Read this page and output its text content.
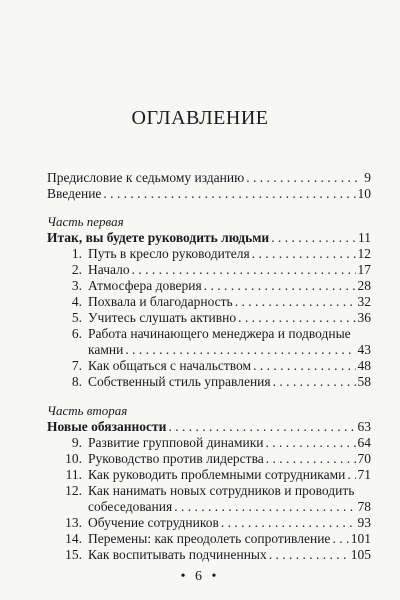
ОГЛАВЛЕНИЕ
Предисловие к седьмому изданию . . .	9
Введение . . .	10
Часть первая
Итак, вы будете руководить людьми . . .	11
1. Путь в кресло руководителя . . .	12
2. Начало . . .	17
3. Атмосфера доверия . . .	28
4. Похвала и благодарность . . .	32
5. Учитесь слушать активно . . .	36
6. Работа начинающего менеджера и подводные
камни . . .	43
7. Как общаться с начальством . . .	48
8. Собственный стиль управления . . .	58
Часть вторая
Новые обязанности . . .	63
9. Развитие групповой динамики . . .	64
10. Руководство против лидерства . . .	70
11. Как руководить проблемными сотрудниками . . . 71
12. Как нанимать новых сотрудников и проводить
собеседования . . .	78
13. Обучение сотрудников . . .	93
14. Перемены: как преодолеть сопротивление . . . 101
15. Как воспитывать подчиненных . . .	105
• 6 •
